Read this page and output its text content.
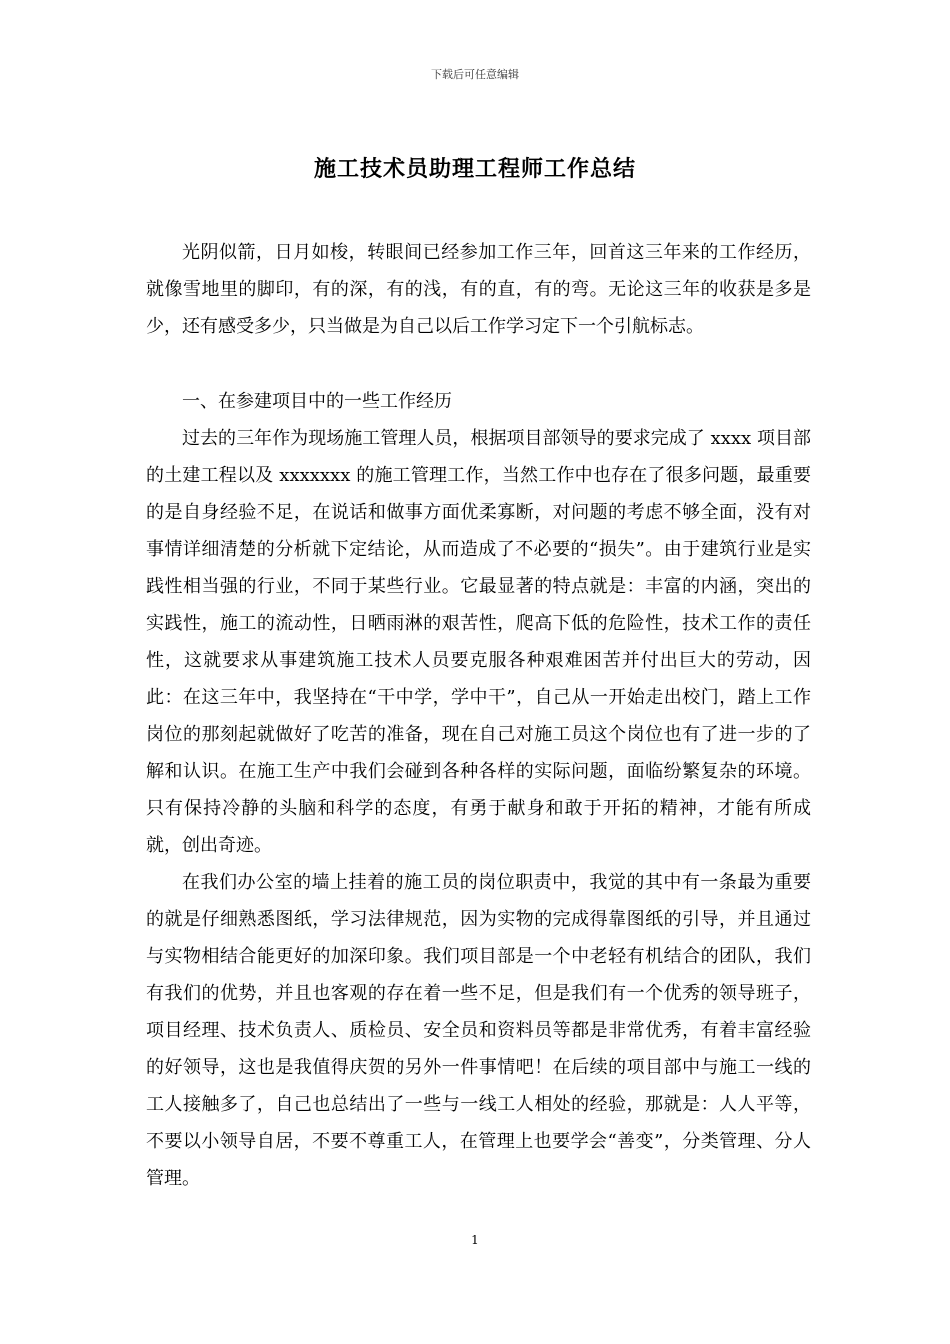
下载后可任意编辑
施工技术员助理工程师工作总结

光阴似箭，日月如梭，转眼间已经参加工作三年，回首这三年来的工作经历，就像雪地里的脚印，有的深，有的浅，有的直，有的弯。无论这三年的收获是多是少，还有感受多少，只当做是为自己以后工作学习定下一个引航标志。

一、在参建项目中的一些工作经历

过去的三年作为现场施工管理人员，根据项目部领导的要求完成了 xxxx 项目部的土建工程以及 xxxxxxx 的施工管理工作，当然工作中也存在了很多问题，最重要的是自身经验不足，在说话和做事方面优柔寡断，对问题的考虑不够全面，没有对事情详细清楚的分析就下定结论，从而造成了不必要的“损失”。由于建筑行业是实践性相当强的行业，不同于某些行业。它最显著的特点就是：丰富的内涵，突出的实践性，施工的流动性，日晒雨淋的艰苦性，爬高下低的危险性，技术工作的责任性，这就要求从事建筑施工技术人员要克服各种艰难困苦并付出巨大的劳动，因此：在这三年中，我坚持在“干中学，学中干”，自己从一开始走出校门，踏上工作岗位的那刻起就做好了吃苦的准备，现在自己对施工员这个岗位也有了进一步的了解和认识。在施工生产中我们会碰到各种各样的实际问题，面临纷繁复杂的环境。只有保持冷静的头脑和科学的态度，有勇于献身和敢于开拓的精神，才能有所成就，创出奇迹。

在我们办公室的墙上挂着的施工员的岗位职责中，我觉的其中有一条最为重要的就是仔细熟悉图纸，学习法律规范，因为实物的完成得靠图纸的引导，并且通过与实物相结合能更好的加深印象。我们项目部是一个中老轻有机结合的团队，我们有我们的优势，并且也客观的存在着一些不足，但是我们有一个优秀的领导班子，项目经理、技术负责人、质检员、安全员和资料员等都是非常优秀，有着丰富经验的好领导，这也是我值得庆贺的另外一件事情吧！在后续的项目部中与施工一线的工人接触多了，自己也总结出了一些与一线工人相处的经验，那就是：人人平等，不要以小领导自居，不要不尊重工人，在管理上也要学会“善变”，分类管理、分人管理。

1
